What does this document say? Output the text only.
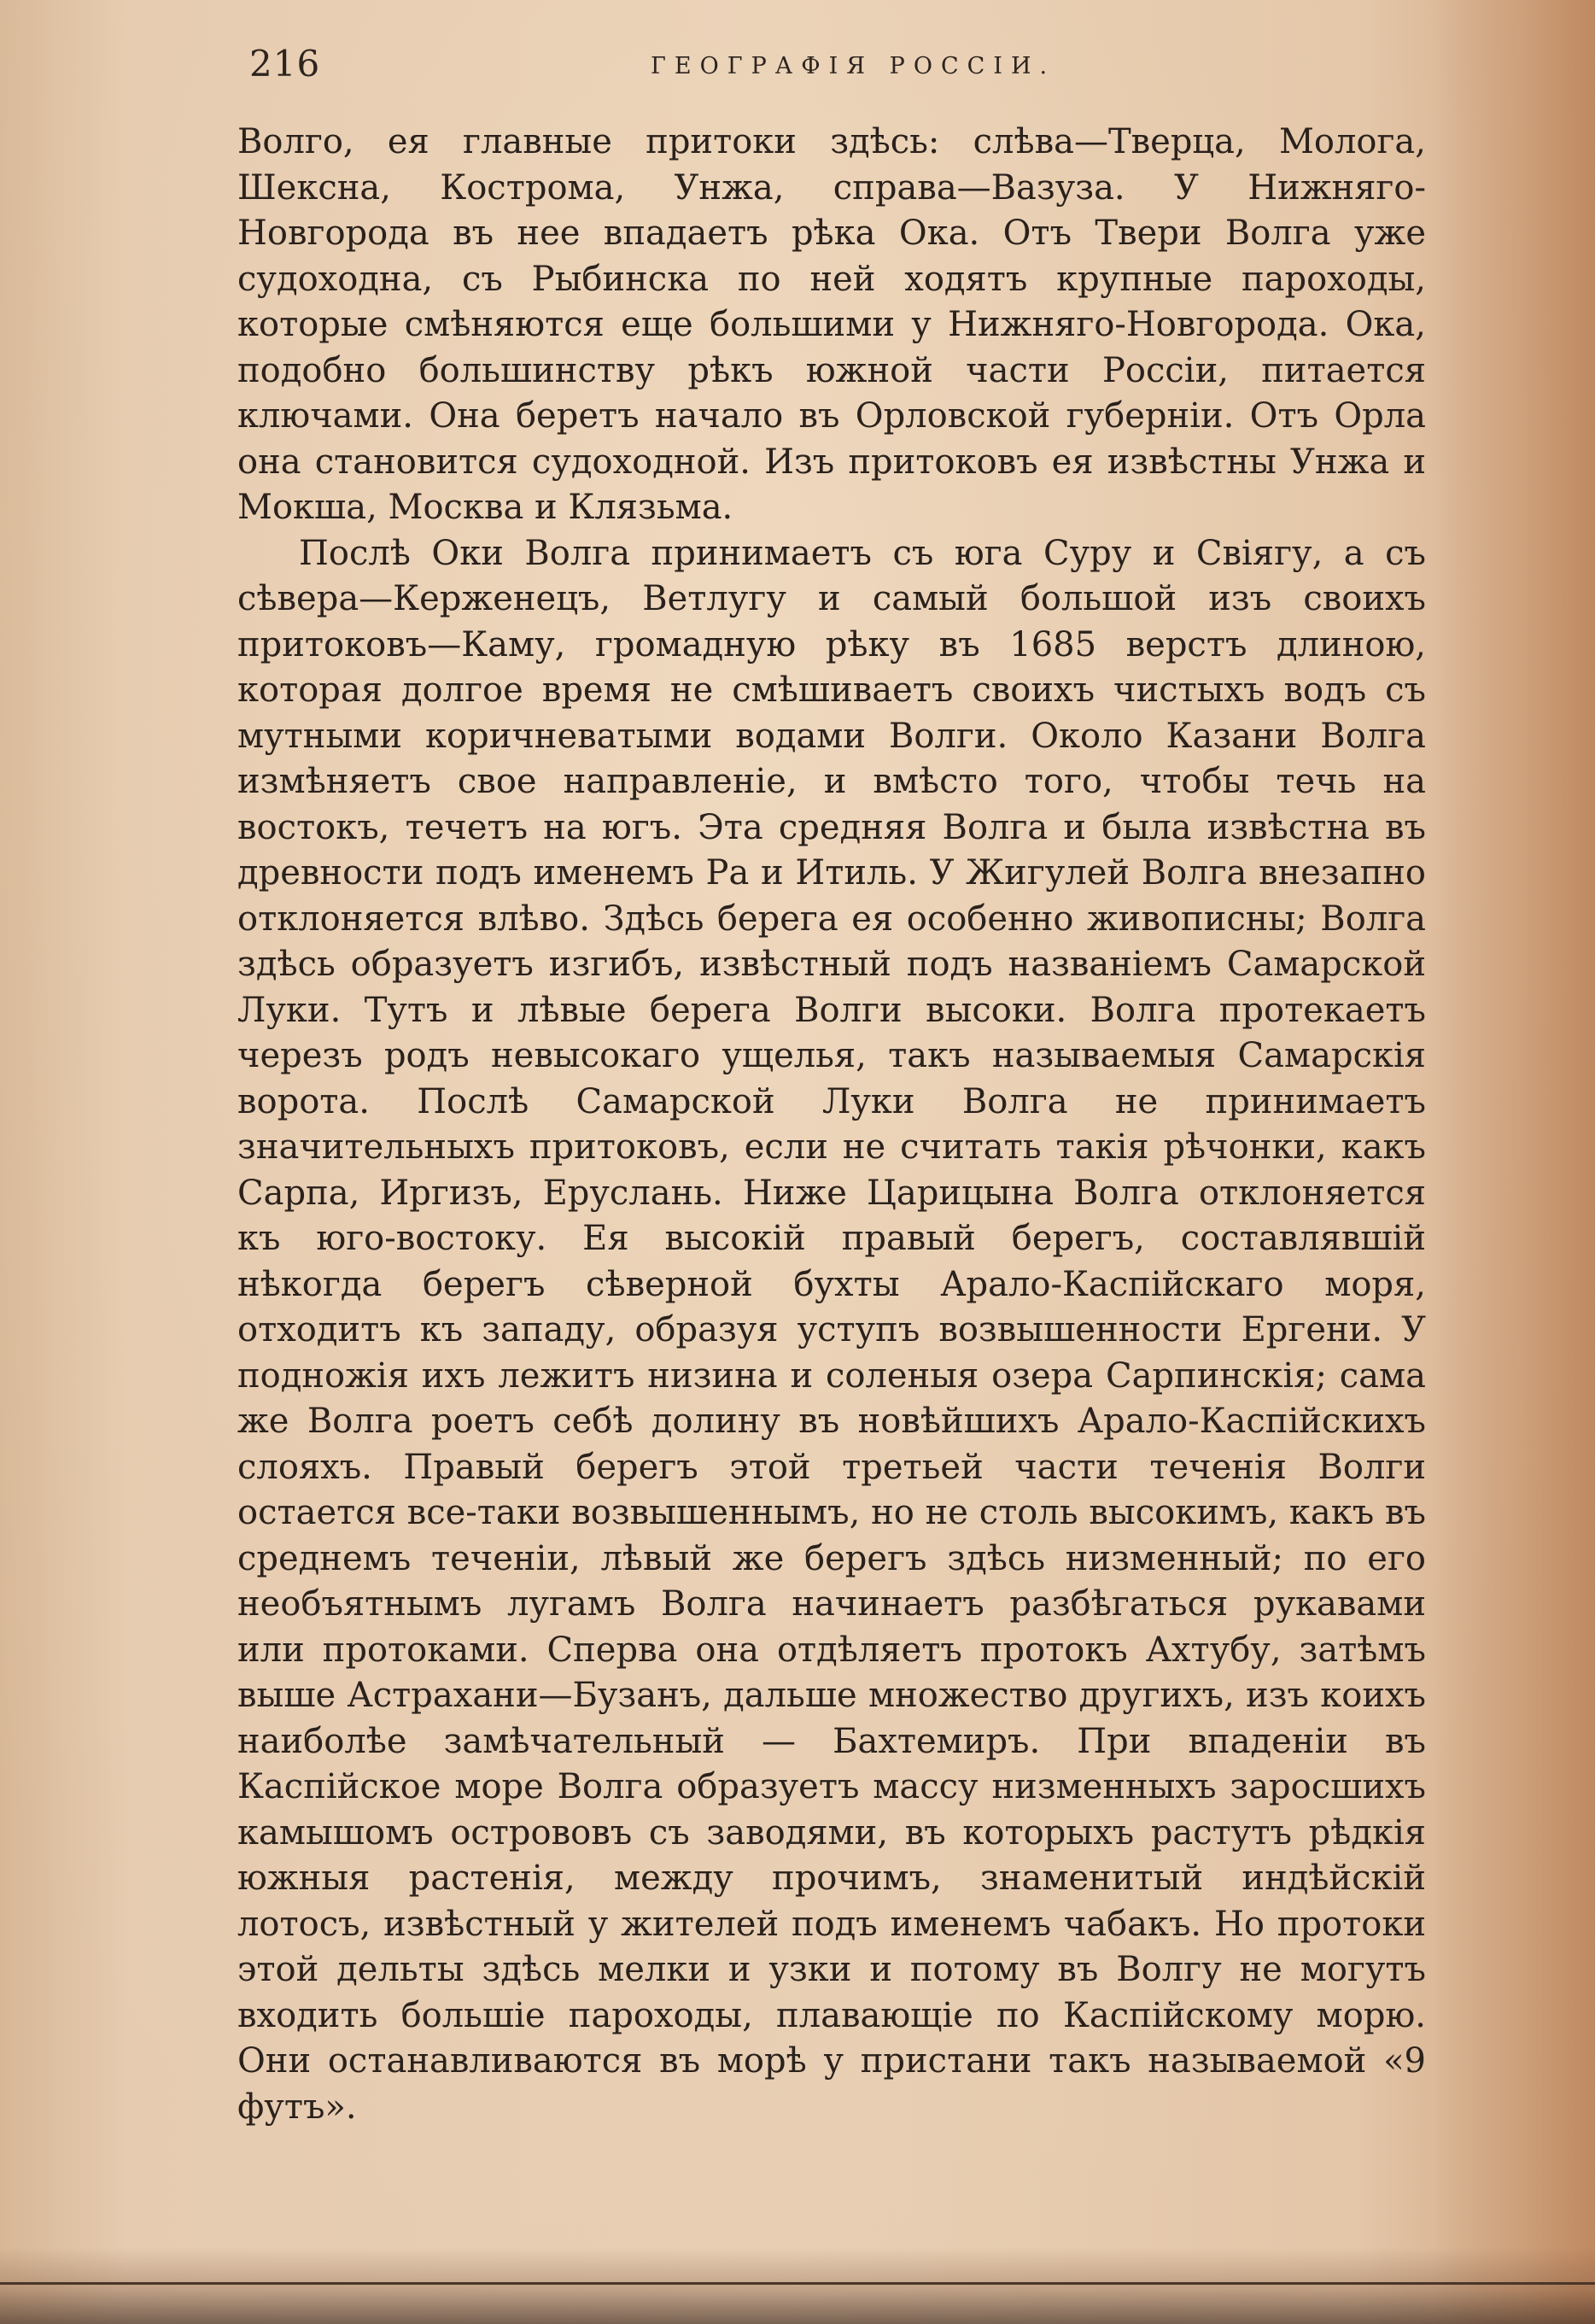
216	ГЕОГРАФІЯ РОССІИ.

Волго, ея главные притоки здѣсь: слѣва—Тверца, Молога, Шексна, Кострома, Унжа, справа—Вазуза. У Нижняго-Новгорода въ нее впадаетъ рѣка Ока. Отъ Твери Волга уже судоходна, съ Рыбинска по ней ходятъ крупные пароходы, которые смѣняются еще большими у Нижняго-Новгорода. Ока, подобно большинству рѣкъ южной части Россіи, питается ключами. Она беретъ начало въ Орловской губерніи. Отъ Орла она становится судоходной. Изъ притоковъ ея извѣстны Унжа и Мокша, Москва и Клязьма.

Послѣ Оки Волга принимаетъ съ юга Суру и Свіягу, а съ сѣвера—Керженецъ, Ветлугу и самый большой изъ своихъ притоковъ—Каму, громадную рѣку въ 1685 верстъ длиною, которая долгое время не смѣшиваетъ своихъ чистыхъ водъ съ мутными коричневатыми водами Волги. Около Казани Волга измѣняетъ свое направленіе, и вмѣсто того, чтобы течь на востокъ, течетъ на югъ. Эта средняя Волга и была извѣстна въ древности подъ именемъ Ра и Итиль. У Жигулей Волга внезапно отклоняется влѣво. Здѣсь берега ея особенно живописны; Волга здѣсь образуетъ изгибъ, извѣстный подъ названіемъ Самарской Луки. Тутъ и лѣвые берега Волги высоки. Волга протекаетъ черезъ родъ невысокаго ущелья, такъ называемыя Самарскія ворота. Послѣ Самарской Луки Волга не принимаетъ значительныхъ притоковъ, если не считать такія рѣчонки, какъ Сарпа, Иргизъ, Еруслань. Ниже Царицына Волга отклоняется къ юго-востоку. Ея высокій правый берегъ, составлявшій нѣкогда берегъ сѣверной бухты Арало-Каспійскаго моря, отходитъ къ западу, образуя уступъ возвышенности Ергени. У подножія ихъ лежитъ низина и соленыя озера Сарпинскія; сама же Волга роетъ себѣ долину въ новѣйшихъ Арало-Каспійскихъ слояхъ. Правый берегъ этой третьей части теченія Волги остается все-таки возвышеннымъ, но не столь высокимъ, какъ въ среднемъ теченіи, лѣвый же берегъ здѣсь низменный; по его необъятнымъ лугамъ Волга начинаетъ разбѣгаться рукавами или протоками. Сперва она отдѣляетъ протокъ Ахтубу, затѣмъ выше Астрахани—Бузанъ, дальше множество другихъ, изъ коихъ наиболѣе замѣчательный — Бахтемиръ. При впаденіи въ Каспійское море Волга образуетъ массу низменныхъ заросшихъ камышомъ острововъ съ заводями, въ которыхъ растутъ рѣдкія южныя растенія, между прочимъ, знаменитый индѣйскій лотосъ, извѣстный у жителей подъ именемъ чабакъ. Но протоки этой дельты здѣсь мелки и узки и потому въ Волгу не могутъ входить большіе пароходы, плавающіе по Каспійскому морю. Они останавливаются въ морѣ у пристани такъ называемой «9 футъ».
